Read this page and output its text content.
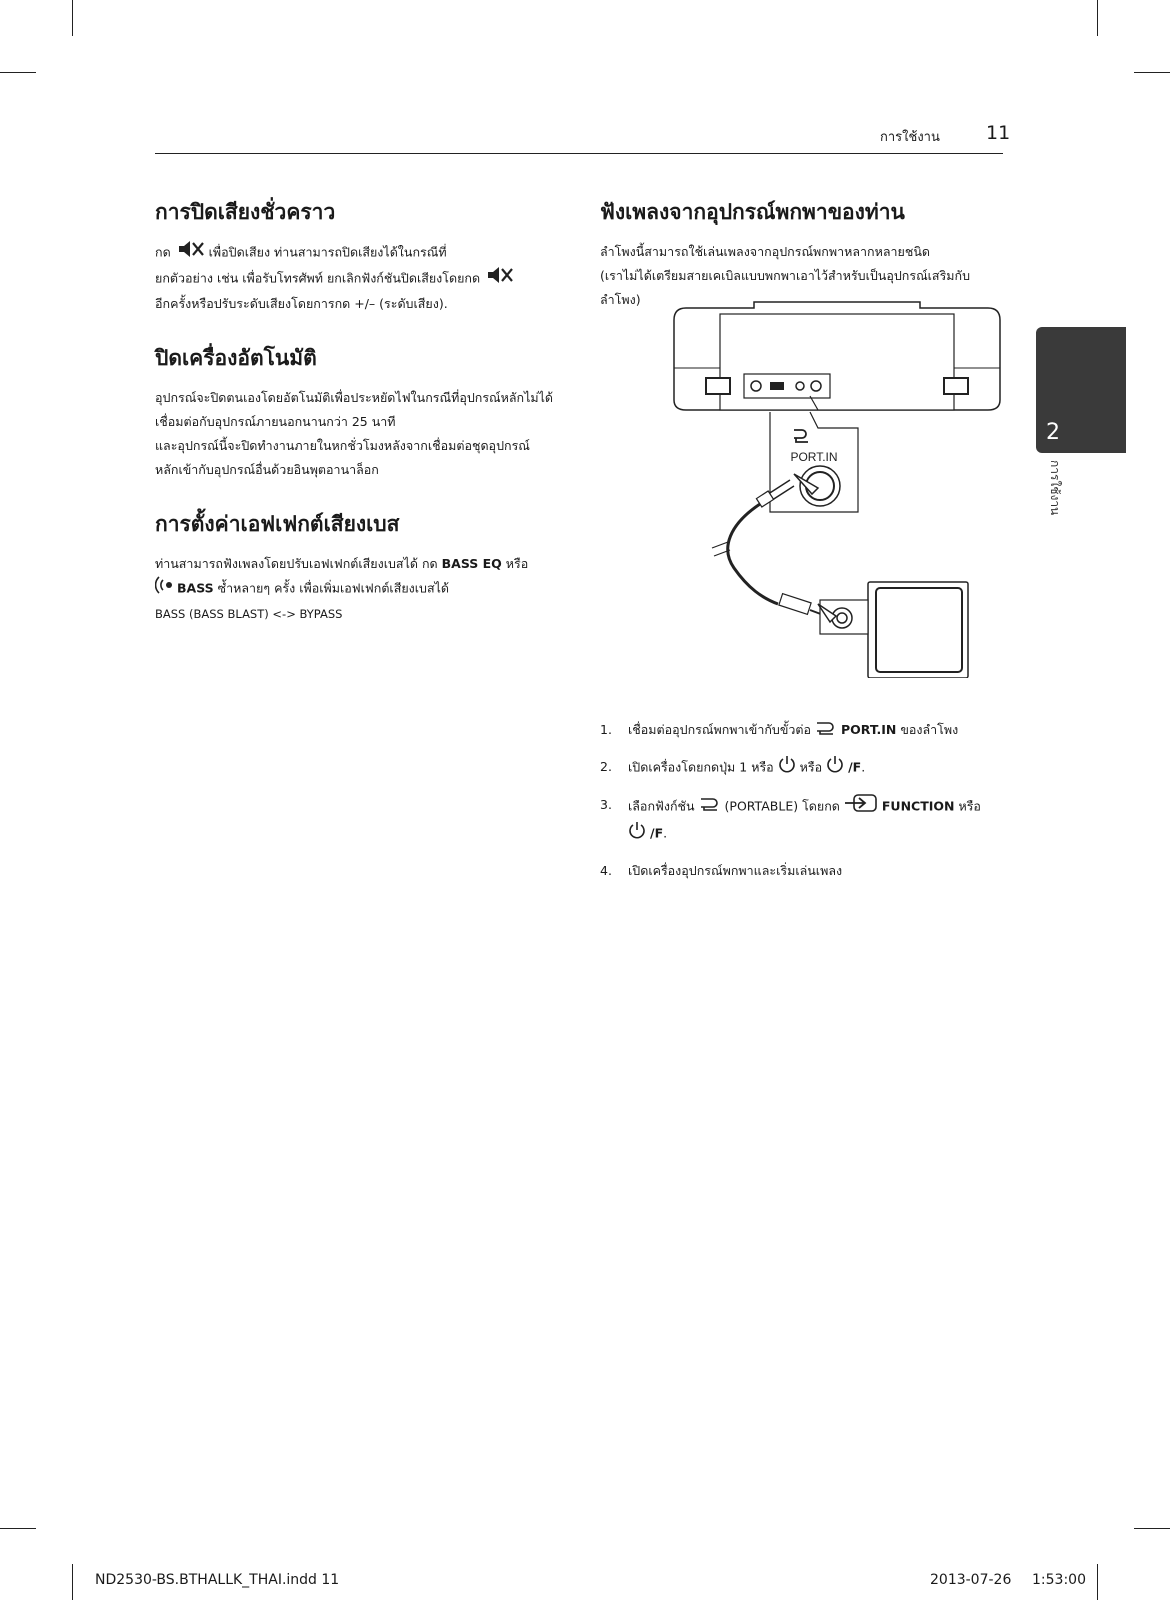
การใช้งาน 11
2
การใช้งาน
การปิดเสียงชั่วคราว

กด	เพื่อปิดเสียง ท่านสามารถปิดเสียงได้ในกรณีที่
ยกตัวอย่าง เช่น เพื่อรับโทรศัพท์ ยกเลิกฟังก์ชันปิดเสียงโดยกด
อีกครั้งหรือปรับระดับเสียงโดยการกด +/– (ระดับเสียง).

ปิดเครื่องอัตโนมัติ

อุปกรณ์จะปิดตนเองโดยอัตโนมัติเพื่อประหยัดไฟในกรณีที่อุปกรณ์หลักไม่ได้
เชื่อมต่อกับอุปกรณ์ภายนอกนานกว่า 25 นาที
และอุปกรณ์นี้จะปิดทำงานภายในหกชั่วโมงหลังจากเชื่อมต่อชุดอุปกรณ์
หลักเข้ากับอุปกรณ์อื่นด้วยอินพุตอานาล็อก

การตั้งค่าเอฟเฟกต์เสียงเบส

ท่านสามารถฟังเพลงโดยปรับเอฟเฟกต์เสียงเบสได้ กด BASS EQ หรือ
BASS ซ้ำหลายๆ ครั้ง เพื่อเพิ่มเอฟเฟกต์เสียงเบสได้
BASS (BASS BLAST) <-> BYPASS

ฟังเพลงจากอุปกรณ์พกพาของท่าน

ลำโพงนี้สามารถใช้เล่นเพลงจากอุปกรณ์พกพาหลากหลายชนิด
(เราไม่ได้เตรียมสายเคเบิลแบบพกพาเอาไว้สำหรับเป็นอุปกรณ์เสริมกับลำโพง)

PORT.IN
1.	เชื่อมต่ออุปกรณ์พกพาเข้ากับขั้วต่อ PORT.IN ของลำโพง
2.	เปิดเครื่องโดยกดปุ่ม 1 หรือ หรือ /F.
3.	เลือกฟังก์ชัน (PORTABLE) โดยกด	FUNCTION หรือ
/F.
4.	เปิดเครื่องอุปกรณ์พกพาและเริ่มเล่นเพลง
ND2530-BS.BTHALLK_THAI.indd 11	2013-07-26 1:53:00
